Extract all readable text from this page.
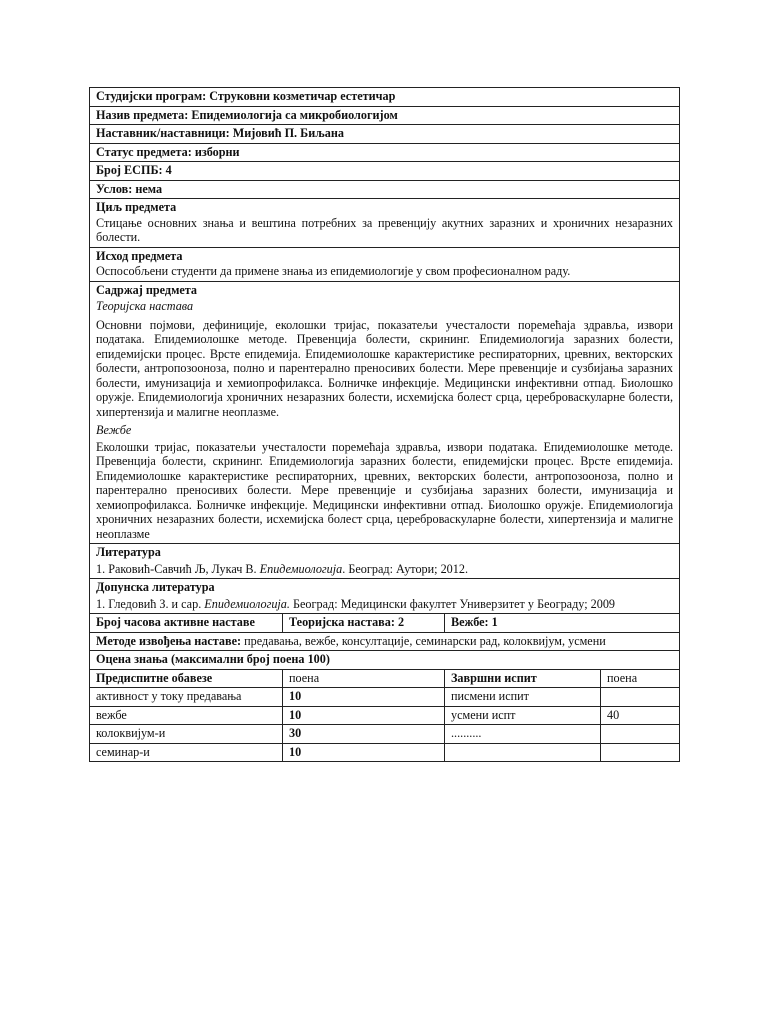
Студијски програм: Струковни козметичар естетичар			
Назив предмета: Епидемиологија са микробиологијом			
Наставник/наставници: Мијовић П. Биљана			
Статус предмета: изборни			
Број ЕСПБ: 4			
Услов: нема			

Циљ предмета
Стицање основних знања и вештина потребних за превенцију акутних заразних и хроничних незаразних болести.			

Исход предмета
Оспособљени студенти да примене знања из епидемиологије у свом професионалном раду.			

Садржај предмета
Теоријска настава
Основни појмови, дефиниције, еколошки тријас, показатељи учесталости поремећаја здравља, извори података. Епидемиолошке методе. Превенција болести, скрининг. Епидемиологија заразних болести, епидемијски процес. Врсте епидемија. Епидемиолошке карактеристике респираторних, цревних, векторских болести, антропозоонозa, полно и парентерално преносивих болести. Мере превенције и сузбијања заразних болести, имунизација и хемиопрофилакса. Болничке инфекције. Медицински инфективни отпад. Биолошко оружје. Епидемиологија хроничних незаразних болести, исхемијска болест срца, цереброваскуларне болести, хипертензија и малигне неоплазме.
Вежбе
Еколошки тријас, показатељи учесталости поремећаја здравља, извори података. Епидемиолошке методе. Превенција болести, скрининг. Епидемиологија заразних болести, епидемијски процес. Врсте епидемија. Епидемиолошке карактеристике респираторних, цревних, векторских болести, антропозоонозa, полно и парентерално преносивих болести. Мере превенције и сузбијања заразних болести, имунизација и хемиопрофилакса. Болничке инфекције. Медицински инфективни отпад. Биолошко оружје. Епидемиологија хроничних незаразних болести, исхемијска болест срца, цереброваскуларне болести, хипертензија и малигне неоплазме			

Литература
1. Раковић-Савчић Љ, Лукач В. Епидемиологија. Београд: Аутори; 2012.			

Допунска литература
1. Гледовић З. и сар. Епидемиологија. Београд: Медицински факултет Универзитет у Београду; 2009			

Број часова активне наставе	Теоријска настава: 2	Вежбе: 1	
Методе извођења наставе: предавања, вежбе, консултације, семинарски рад, колоквијум, усмени			
Оцена знања (максимални број поена 100)			
Предиспитне обавезе	поена	Завршни испит	поена
активност у току предавања	10	писмени испит	
вежбе	10	усмени испт	40
колоквијум-и	30	..........	
семинар-и	10		
